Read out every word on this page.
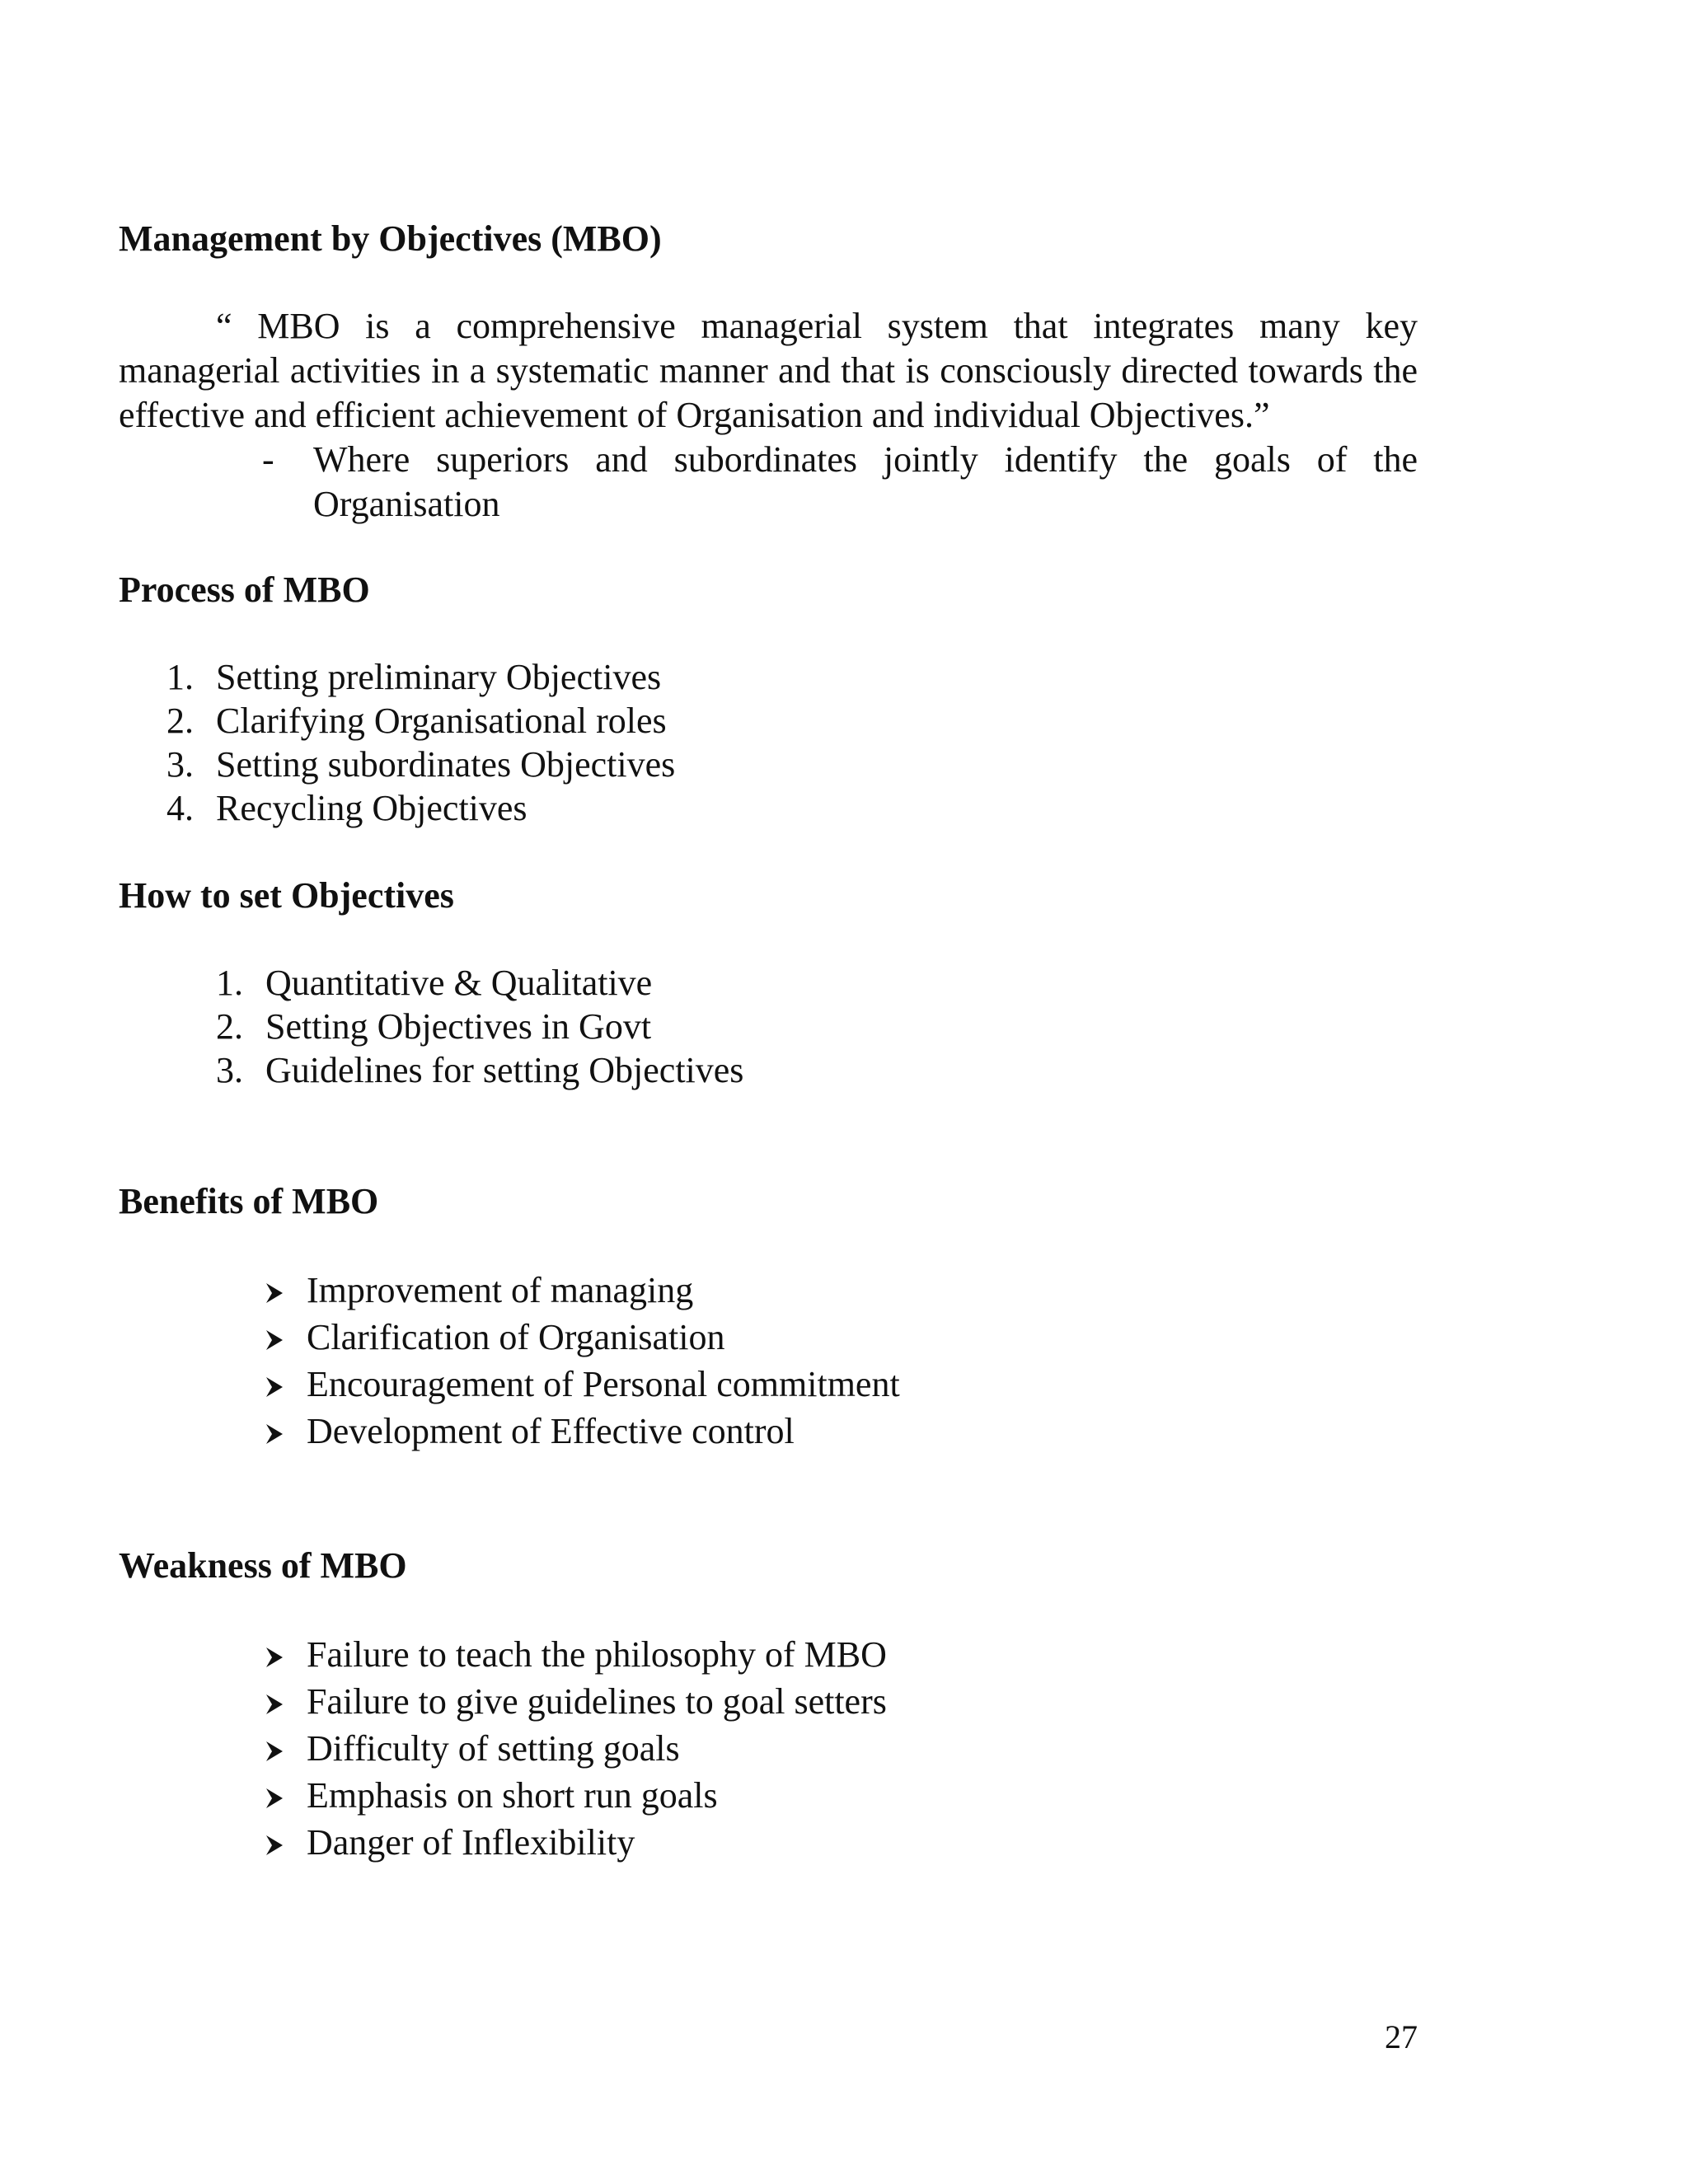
Management by Objectives (MBO)
“ MBO is a comprehensive managerial system that integrates many key managerial activities in a systematic manner and that is consciously directed towards the effective and efficient achievement of Organisation and individual Objectives.”
- Where superiors and subordinates jointly identify the goals of the Organisation
Process of MBO
1. Setting preliminary Objectives
2. Clarifying Organisational roles
3. Setting subordinates Objectives
4. Recycling Objectives
How to set Objectives
1. Quantitative & Qualitative
2. Setting Objectives in Govt
3. Guidelines for setting Objectives
Benefits of MBO
Improvement of managing
Clarification of Organisation
Encouragement of Personal commitment
Development of Effective control
Weakness of MBO
Failure to teach the philosophy of MBO
Failure to give guidelines to goal setters
Difficulty of setting goals
Emphasis on short run goals
Danger of Inflexibility
27
